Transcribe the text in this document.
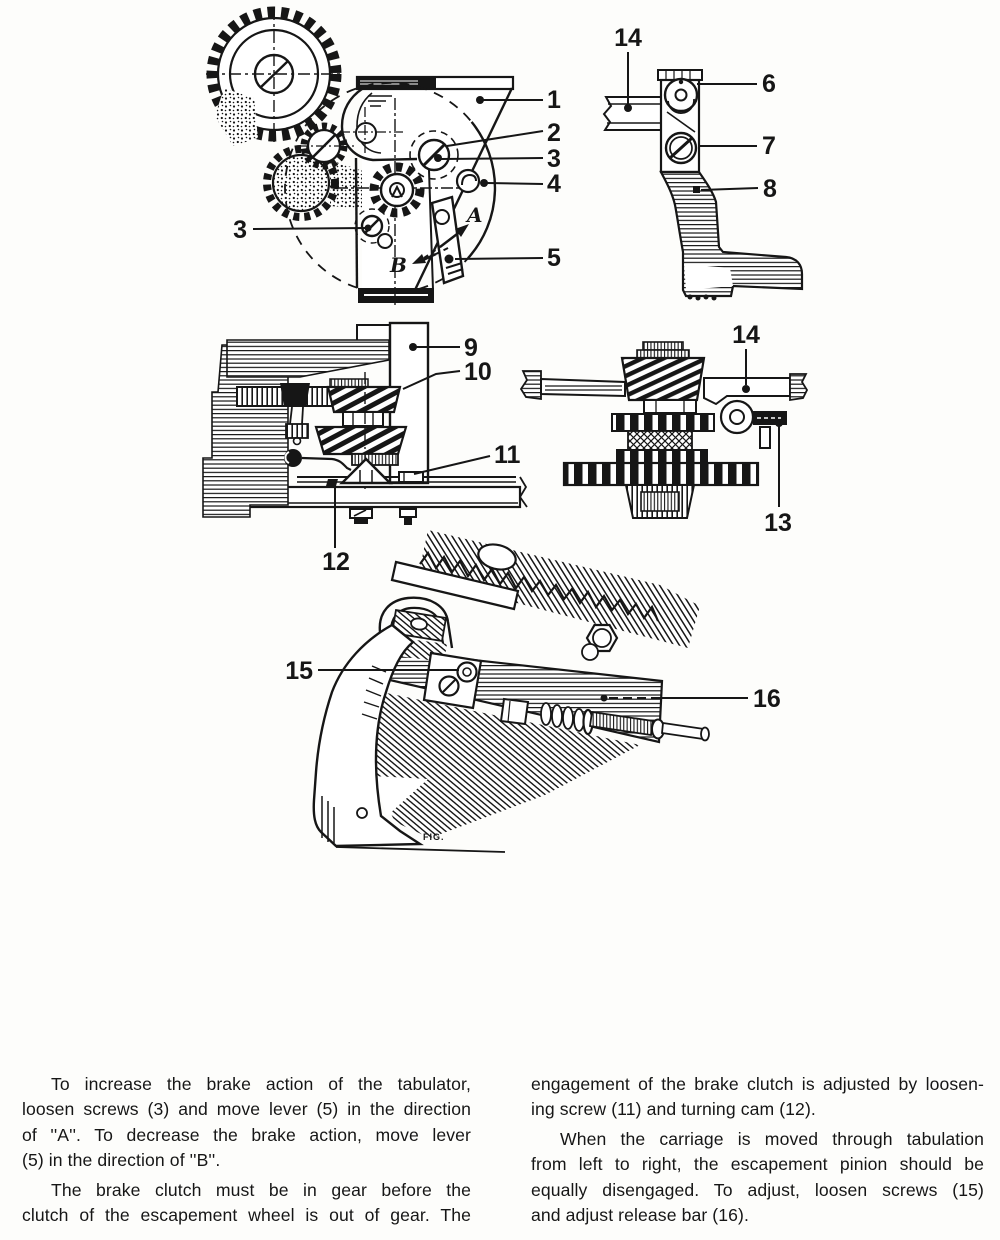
A
B
1
2
3
4
5
3
14
6
7
8
9
10
11
12
14
13
FIG.
15
16

To increase the brake action of the tabulator,

loosen screws (3) and move lever (5) in the direction

of ''A''. To decrease the brake action, move lever

(5) in the direction of ''B''.

The brake clutch must be in gear before the

clutch of the escapement wheel is out of gear. The

engagement of the brake clutch is adjusted by loosen-

ing screw (11) and turning cam (12).

When the carriage is moved through tabulation

from left to right, the escapement pinion should be

equally disengaged. To adjust, loosen screws (15)

and adjust release bar (16).
